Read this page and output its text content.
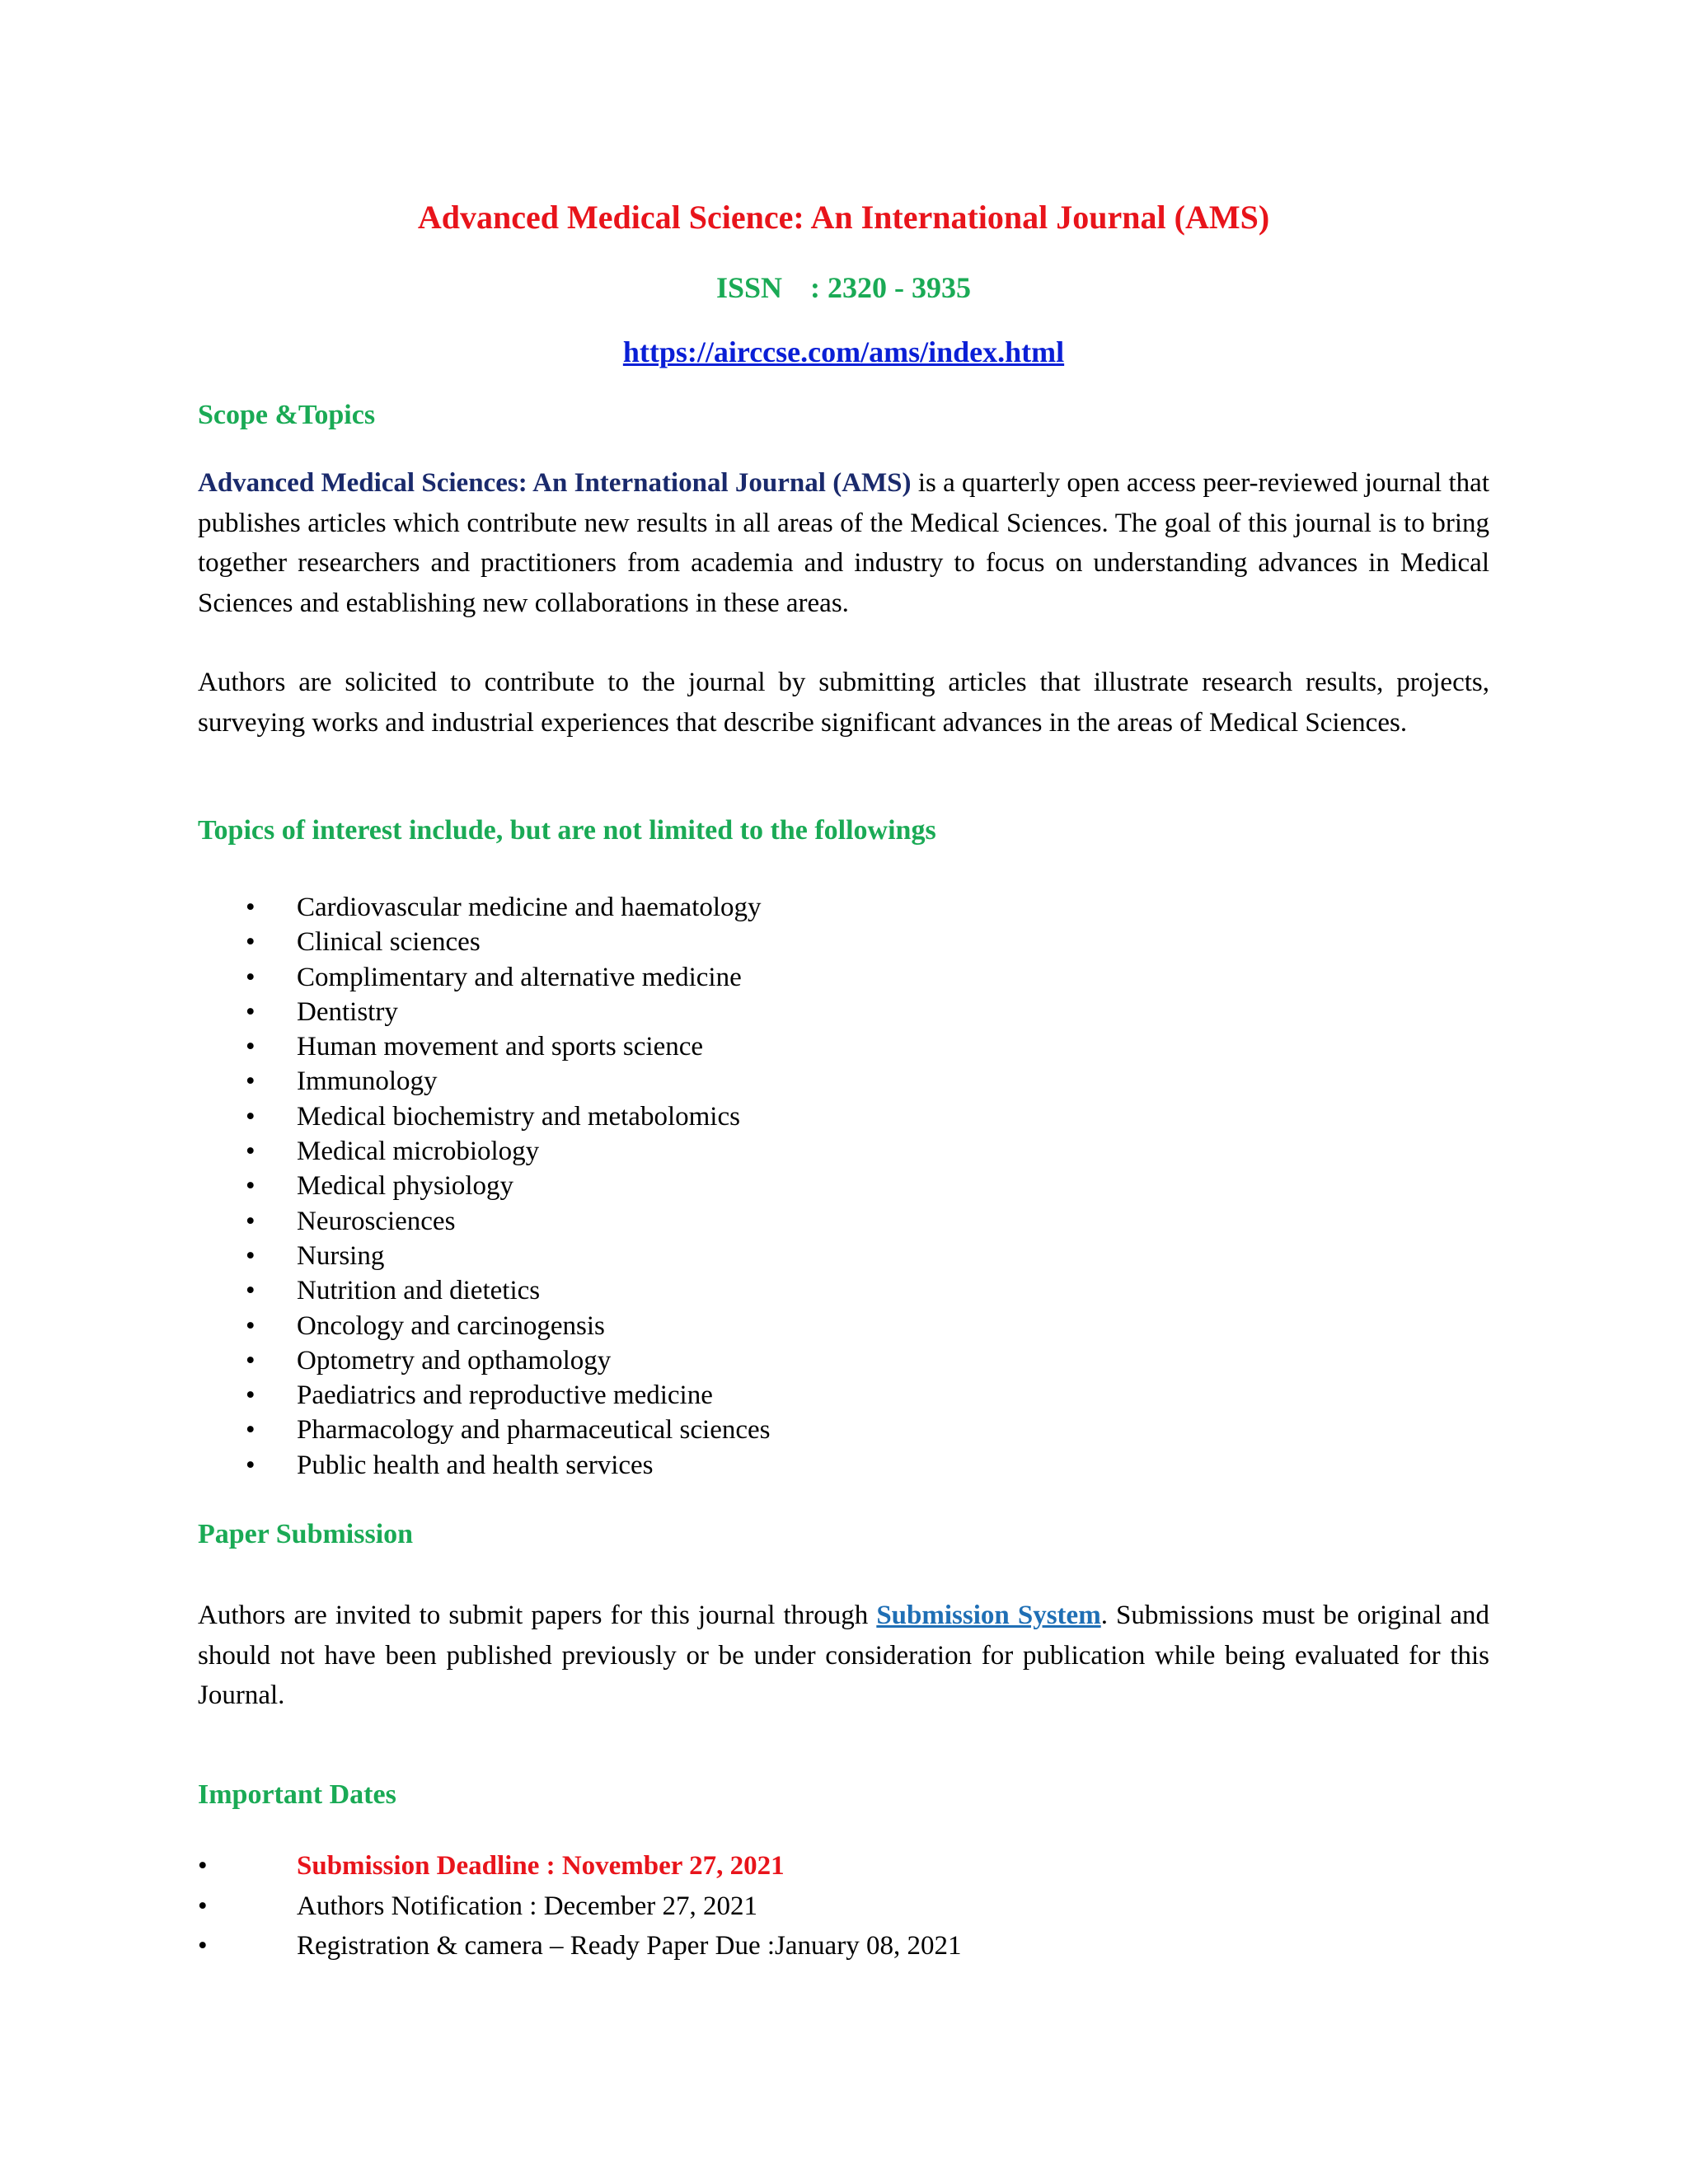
Advanced Medical Science: An International Journal (AMS)
ISSN : 2320 - 3935
https://airccse.com/ams/index.html
Scope &Topics

Advanced Medical Sciences: An International Journal (AMS) is a quarterly open access peer-reviewed journal that publishes articles which contribute new results in all areas of the Medical Sciences. The goal of this journal is to bring together researchers and practitioners from academia and industry to focus on understanding advances in Medical Sciences and establishing new collaborations in these areas.

Authors are solicited to contribute to the journal by submitting articles that illustrate research results, projects, surveying works and industrial experiences that describe significant advances in the areas of Medical Sciences.

Topics of interest include, but are not limited to the followings
• Cardiovascular medicine and haematology
• Clinical sciences
• Complimentary and alternative medicine
• Dentistry
• Human movement and sports science
• Immunology
• Medical biochemistry and metabolomics
• Medical microbiology
• Medical physiology
• Neurosciences
• Nursing
• Nutrition and dietetics
• Oncology and carcinogensis
• Optometry and opthamology
• Paediatrics and reproductive medicine
• Pharmacology and pharmaceutical sciences
• Public health and health services
Paper Submission

Authors are invited to submit papers for this journal through Submission System. Submissions must be original and should not have been published previously or be under consideration for publication while being evaluated for this Journal.

Important Dates
•	Submission Deadline : November 27, 2021
•	Authors Notification : December 27, 2021
•	Registration & camera – Ready Paper Due :January 08, 2021
